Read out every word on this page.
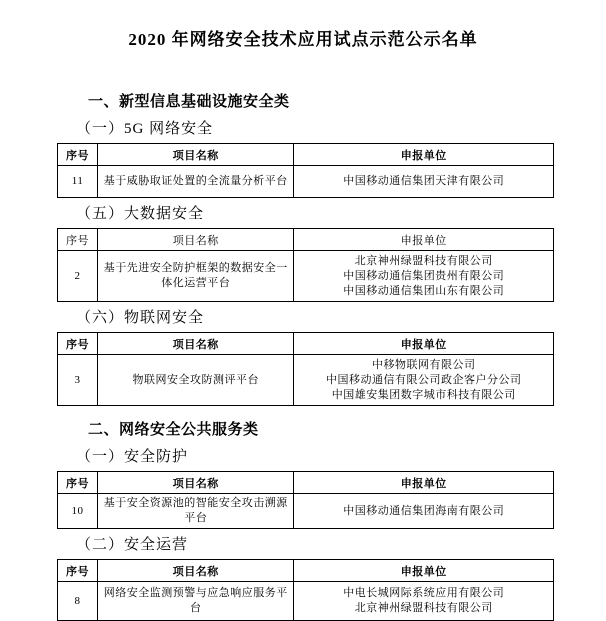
2020 年网络安全技术应用试点示范公示名单
一、新型信息基础设施安全类
（一）5G 网络安全
序号	项目名称	申报单位
11	基于威胁取证处置的全流量分析平台	中国移动通信集团天津有限公司
（五）大数据安全
序号	项目名称	申报单位
2	基于先进安全防护框架的数据安全一体化运营平台	北京神州绿盟科技有限公司
中国移动通信集团贵州有限公司
中国移动通信集团山东有限公司
（六）物联网安全
序号	项目名称	申报单位
3	物联网安全攻防测评平台	中移物联网有限公司
中国移动通信有限公司政企客户分公司
中国雄安集团数字城市科技有限公司
二、网络安全公共服务类
（一）安全防护
序号	项目名称	申报单位
10	基于安全资源池的智能安全攻击溯源平台	中国移动通信集团海南有限公司
（二）安全运营
序号	项目名称	申报单位
8	网络安全监测预警与应急响应服务平台	中电长城网际系统应用有限公司
北京神州绿盟科技有限公司
